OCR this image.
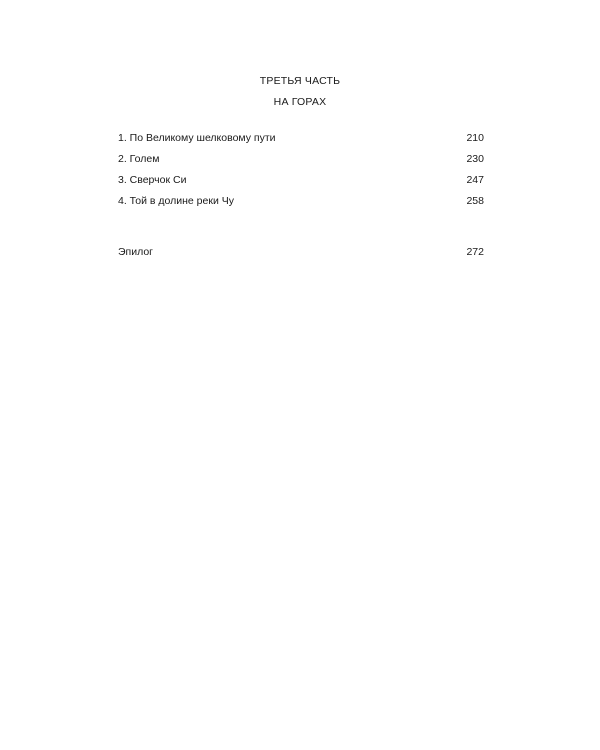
ТРЕТЬЯ ЧАСТЬ
НА ГОРАХ
1. По Великому шелковому пути	210
2. Голем	230
3. Сверчок Си	247
4. Той в долине реки Чу	258
Эпилог	272
